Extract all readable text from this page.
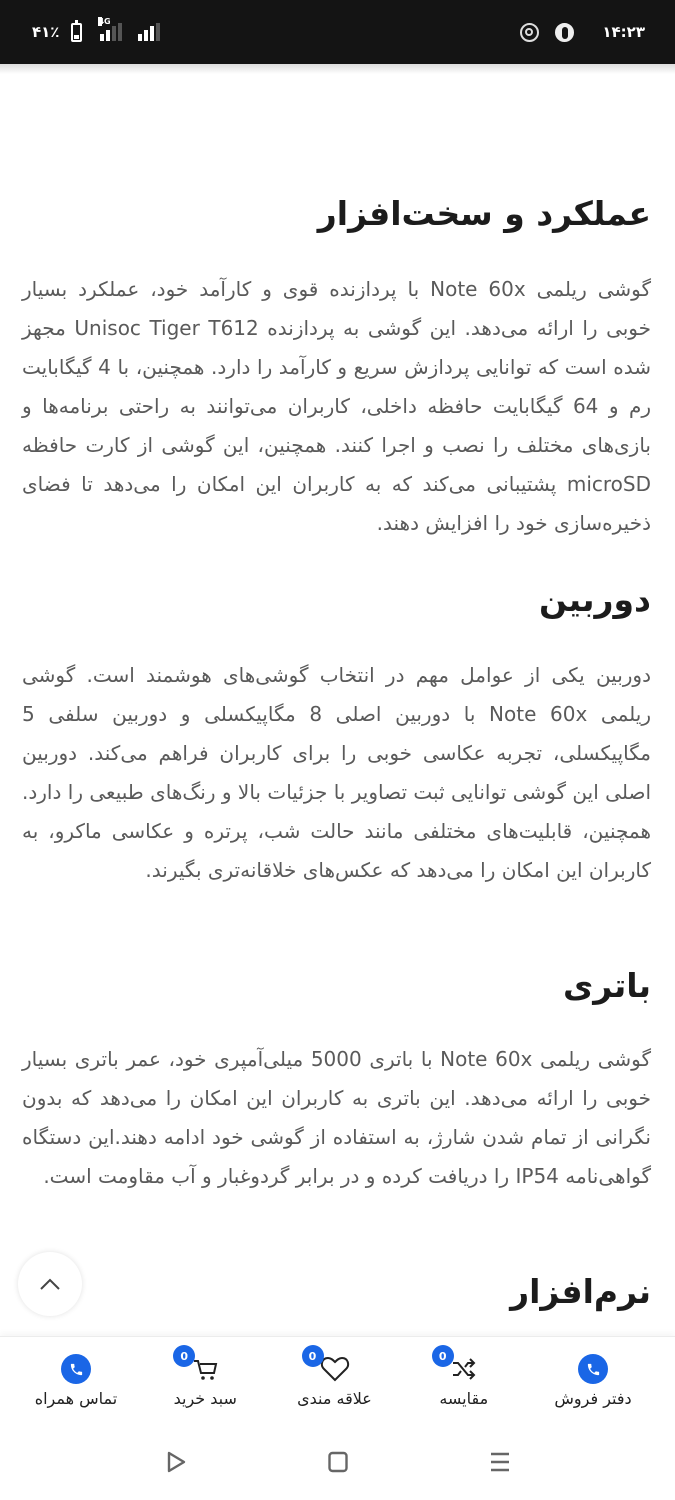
۴۱٪
4G
۱۴:۲۳
عملکرد و سخت‌افزار

گوشی ریلمی Note 60x با پردازنده قوی و کارآمد خود، عملکرد بسیار خوبی را ارائه می‌دهد. این گوشی به پردازنده Unisoc Tiger T612 مجهز شده است که توانایی پردازش سریع و کارآمد را دارد. همچنین، با 4 گیگابایت رم و 64 گیگابایت حافظه داخلی، کاربران می‌توانند به راحتی برنامه‌ها و بازی‌های مختلف را نصب و اجرا کنند. همچنین، این گوشی از کارت حافظه microSD پشتیبانی می‌کند که به کاربران این امکان را می‌دهد تا فضای ذخیره‌سازی خود را افزایش دهند.

دوربین

دوربین یکی از عوامل مهم در انتخاب گوشی‌های هوشمند است. گوشی ریلمی Note 60x با دوربین اصلی 8 مگاپیکسلی و دوربین سلفی 5 مگاپیکسلی، تجربه عکاسی خوبی را برای کاربران فراهم می‌کند. دوربین اصلی این گوشی توانایی ثبت تصاویر با جزئیات بالا و رنگ‌های طبیعی را دارد. همچنین، قابلیت‌های مختلفی مانند حالت شب، پرتره و عکاسی ماکرو، به کاربران این امکان را می‌دهد که عکس‌های خلاقانه‌تری بگیرند.

باتری

گوشی ریلمی Note 60x با باتری 5000 میلی‌آمپری خود، عمر باتری بسیار خوبی را ارائه می‌دهد. این باتری به کاربران این امکان را می‌دهد که بدون نگرانی از تمام شدن شارژ، به استفاده از گوشی خود ادامه دهند.این دستگاه گواهی‌نامه IP54 را دریافت کرده و در برابر گردوغبار و آب مقاومت است.

نرم‌افزار
تماس همراه
0
سبد خرید
0
علاقه مندی
0
مقایسه	دفتر فروش
